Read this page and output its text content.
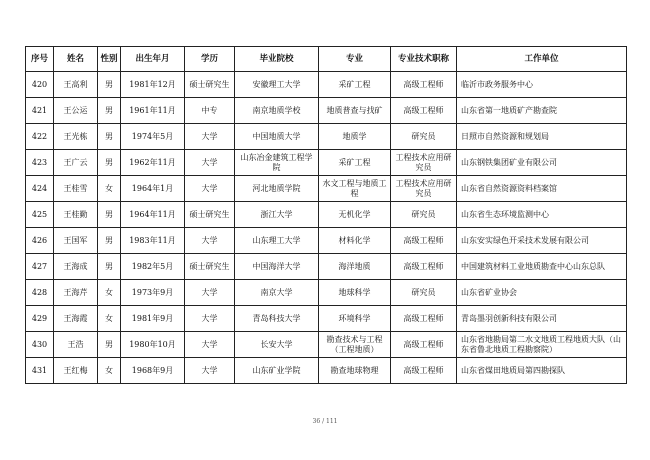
序号	姓名	性别	出生年月	学历	毕业院校	专业	专业技术职称	工作单位
420	王高利	男	1981年12月	硕士研究生	安徽理工大学	采矿工程	高级工程师	临沂市政务服务中心
421	王公运	男	1961年11月	中专	南京地质学校	地质普查与找矿	高级工程师	山东省第一地质矿产勘查院
422	王光栋	男	1974年5月	大学	中国地质大学	地质学	研究员	日照市自然资源和规划局
423	王广云	男	1962年11月	大学	山东冶金建筑工程学院	采矿工程	工程技术应用研究员	山东钢铁集团矿业有限公司
424	王桂雪	女	1964年1月	大学	河北地质学院	水文工程与地质工程	工程技术应用研究员	山东省自然资源资料档案馆
425	王桂勤	男	1964年11月	硕士研究生	浙江大学	无机化学	研究员	山东省生态环境监测中心
426	王国军	男	1983年11月	大学	山东理工大学	材料化学	高级工程师	山东安实绿色开采技术发展有限公司
427	王海成	男	1982年5月	硕士研究生	中国海洋大学	海洋地质	高级工程师	中国建筑材料工业地质勘查中心山东总队
428	王海芹	女	1973年9月	大学	南京大学	地球科学	研究员	山东省矿业协会
429	王海霞	女	1981年9月	大学	青岛科技大学	环境科学	高级工程师	青岛墨羽创新科技有限公司
430	王浩	男	1980年10月	大学	长安大学	勘查技术与工程（工程地质）	高级工程师	山东省地勘局第二水文地质工程地质大队（山东省鲁北地质工程勘察院）
431	王红梅	女	1968年9月	大学	山东矿业学院	勘查地球物理	高级工程师	山东省煤田地质局第四勘探队
36 / 111
